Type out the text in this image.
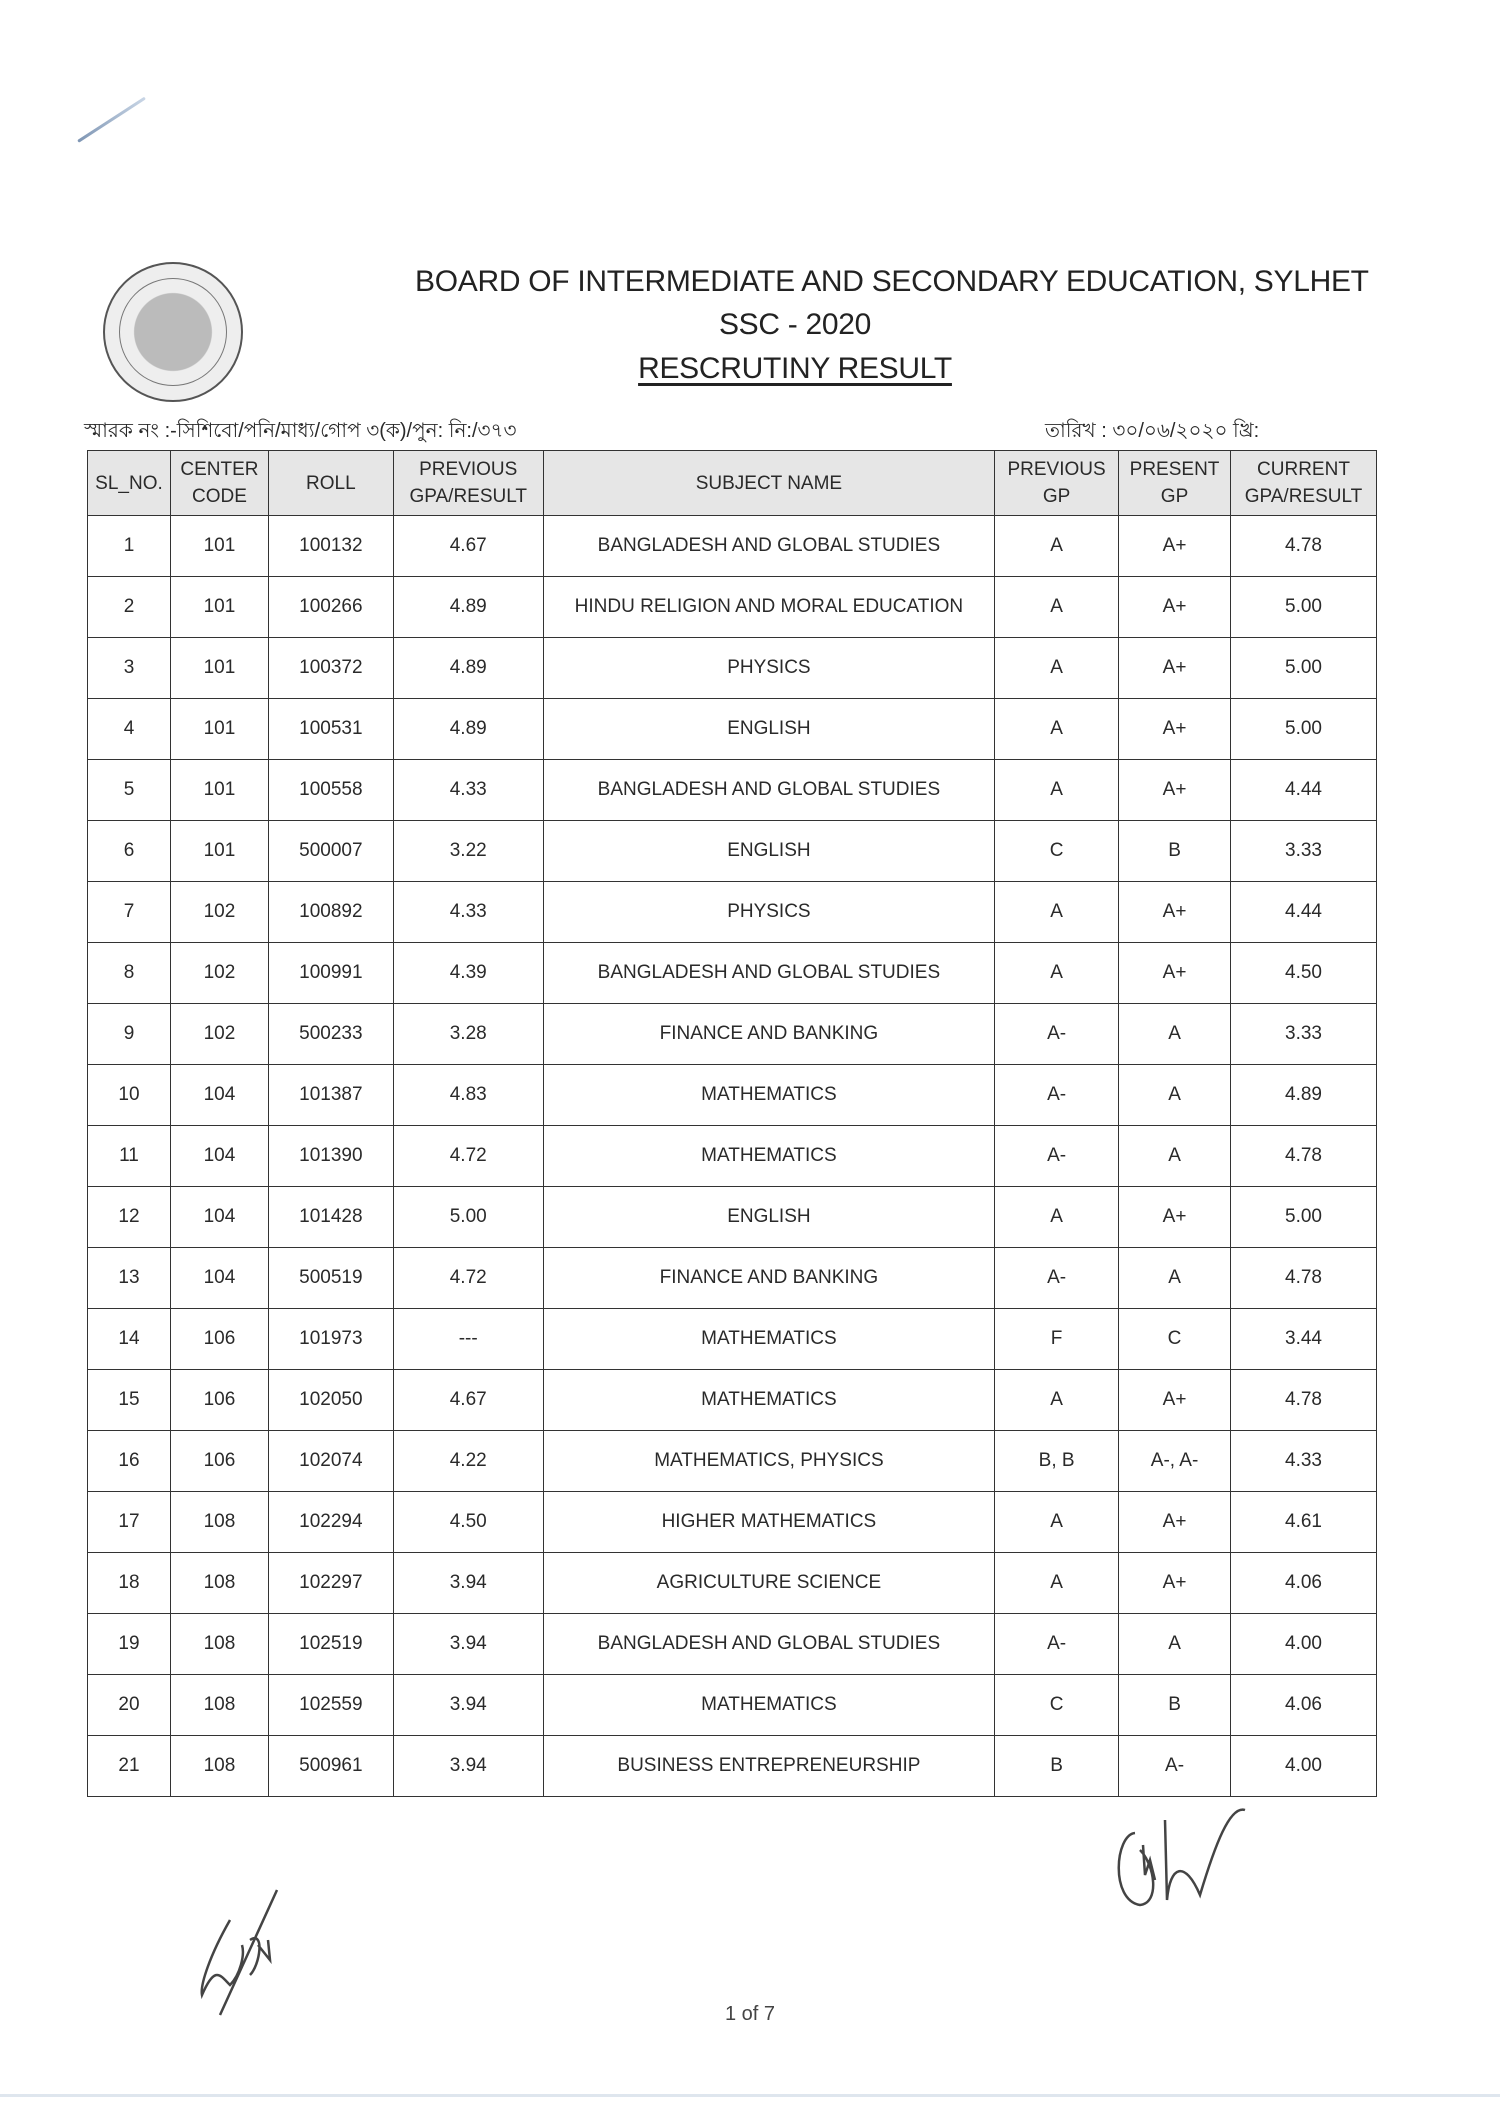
BOARD OF INTERMEDIATE AND SECONDARY EDUCATION, SYLHET
SSC - 2020
RESCRUTINY RESULT
স্মারক নং :-সিশিবো/পনি/মাধ্য/গোপ ৩(ক)/পুন: নি:/৩৭৩	তারিখ : ৩০/০৬/২০২০ খ্রি:
SL_NO.	CENTER CODE	ROLL	PREVIOUS GPA/RESULT	SUBJECT NAME	PREVIOUS GP	PRESENT GP	CURRENT GPA/RESULT
1	101	100132	4.67	BANGLADESH AND GLOBAL STUDIES	A	A+	4.78
2	101	100266	4.89	HINDU RELIGION AND MORAL EDUCATION	A	A+	5.00
3	101	100372	4.89	PHYSICS	A	A+	5.00
4	101	100531	4.89	ENGLISH	A	A+	5.00
5	101	100558	4.33	BANGLADESH AND GLOBAL STUDIES	A	A+	4.44
6	101	500007	3.22	ENGLISH	C	B	3.33
7	102	100892	4.33	PHYSICS	A	A+	4.44
8	102	100991	4.39	BANGLADESH AND GLOBAL STUDIES	A	A+	4.50
9	102	500233	3.28	FINANCE AND BANKING	A-	A	3.33
10	104	101387	4.83	MATHEMATICS	A-	A	4.89
11	104	101390	4.72	MATHEMATICS	A-	A	4.78
12	104	101428	5.00	ENGLISH	A	A+	5.00
13	104	500519	4.72	FINANCE AND BANKING	A-	A	4.78
14	106	101973	---	MATHEMATICS	F	C	3.44
15	106	102050	4.67	MATHEMATICS	A	A+	4.78
16	106	102074	4.22	MATHEMATICS, PHYSICS	B, B	A-, A-	4.33
17	108	102294	4.50	HIGHER MATHEMATICS	A	A+	4.61
18	108	102297	3.94	AGRICULTURE SCIENCE	A	A+	4.06
19	108	102519	3.94	BANGLADESH AND GLOBAL STUDIES	A-	A	4.00
20	108	102559	3.94	MATHEMATICS	C	B	4.06
21	108	500961	3.94	BUSINESS ENTREPRENEURSHIP	B	A-	4.00
1 of 7
